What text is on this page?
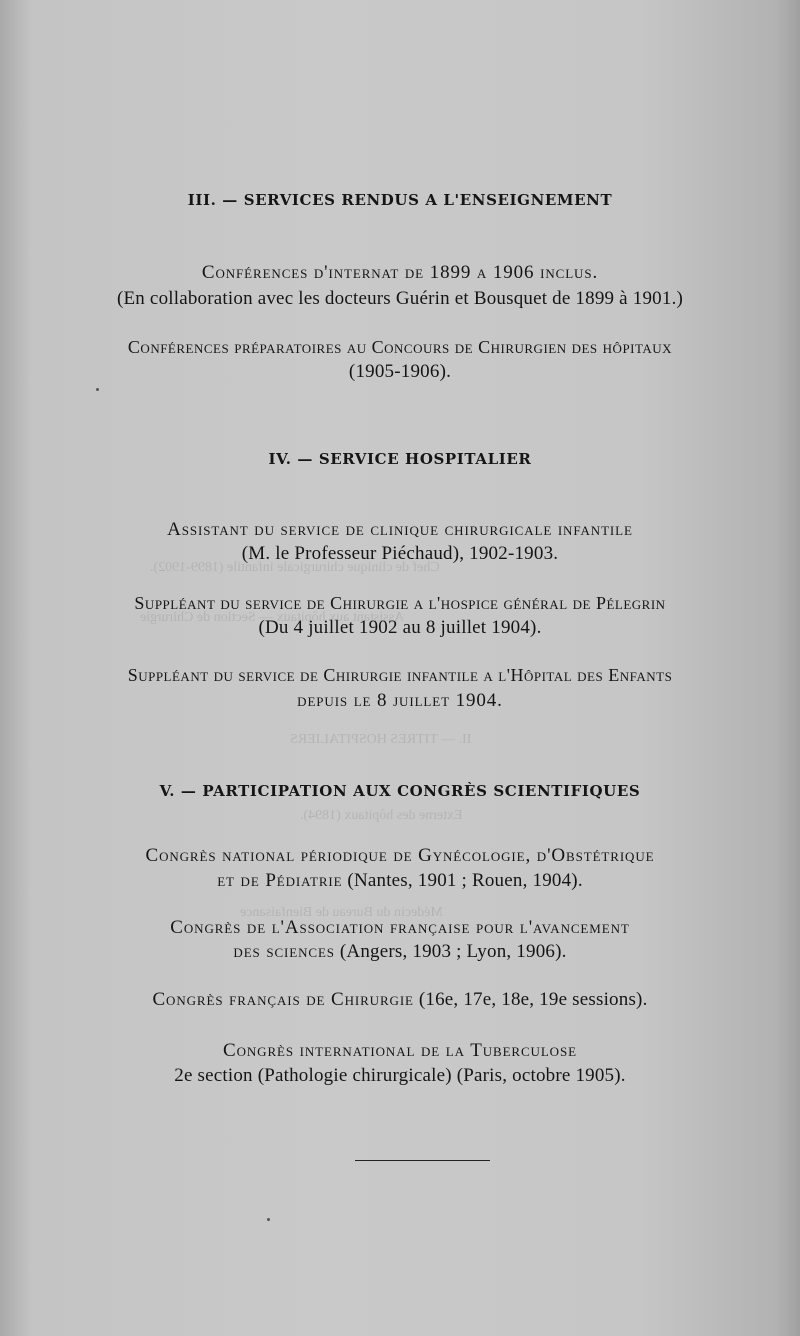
Chef de clinique chirurgicale infantile (1899-1902).
Assistant aux hôpitaux — Section de Chirurgie
II. — TITRES HOSPITALIERS
Externe des hôpitaux (1894).
Médecin du Bureau de Bienfaisance
III. — SERVICES RENDUS A L'ENSEIGNEMENT
Conférences d'internat de 1899 a 1906 inclus.
(En collaboration avec les docteurs Guérin et Bousquet de 1899 à 1901.)
Conférences préparatoires au Concours de Chirurgien des hôpitaux
(1905-1906).
IV. — SERVICE HOSPITALIER
Assistant du service de clinique chirurgicale infantile
(M. le Professeur Piéchaud), 1902-1903.
Suppléant du service de Chirurgie a l'hospice général de Pélegrin
(Du 4 juillet 1902 au 8 juillet 1904).
Suppléant du service de Chirurgie infantile a l'Hôpital des Enfants
depuis le 8 juillet 1904.
V. — PARTICIPATION AUX CONGRÈS SCIENTIFIQUES
Congrès national périodique de Gynécologie, d'Obstétrique
et de Pédiatrie (Nantes, 1901 ; Rouen, 1904).
Congrès de l'Association française pour l'avancement
des sciences (Angers, 1903 ; Lyon, 1906).
Congrès français de Chirurgie (16e, 17e, 18e, 19e sessions).
Congrès international de la Tuberculose
2e section (Pathologie chirurgicale) (Paris, octobre 1905).
